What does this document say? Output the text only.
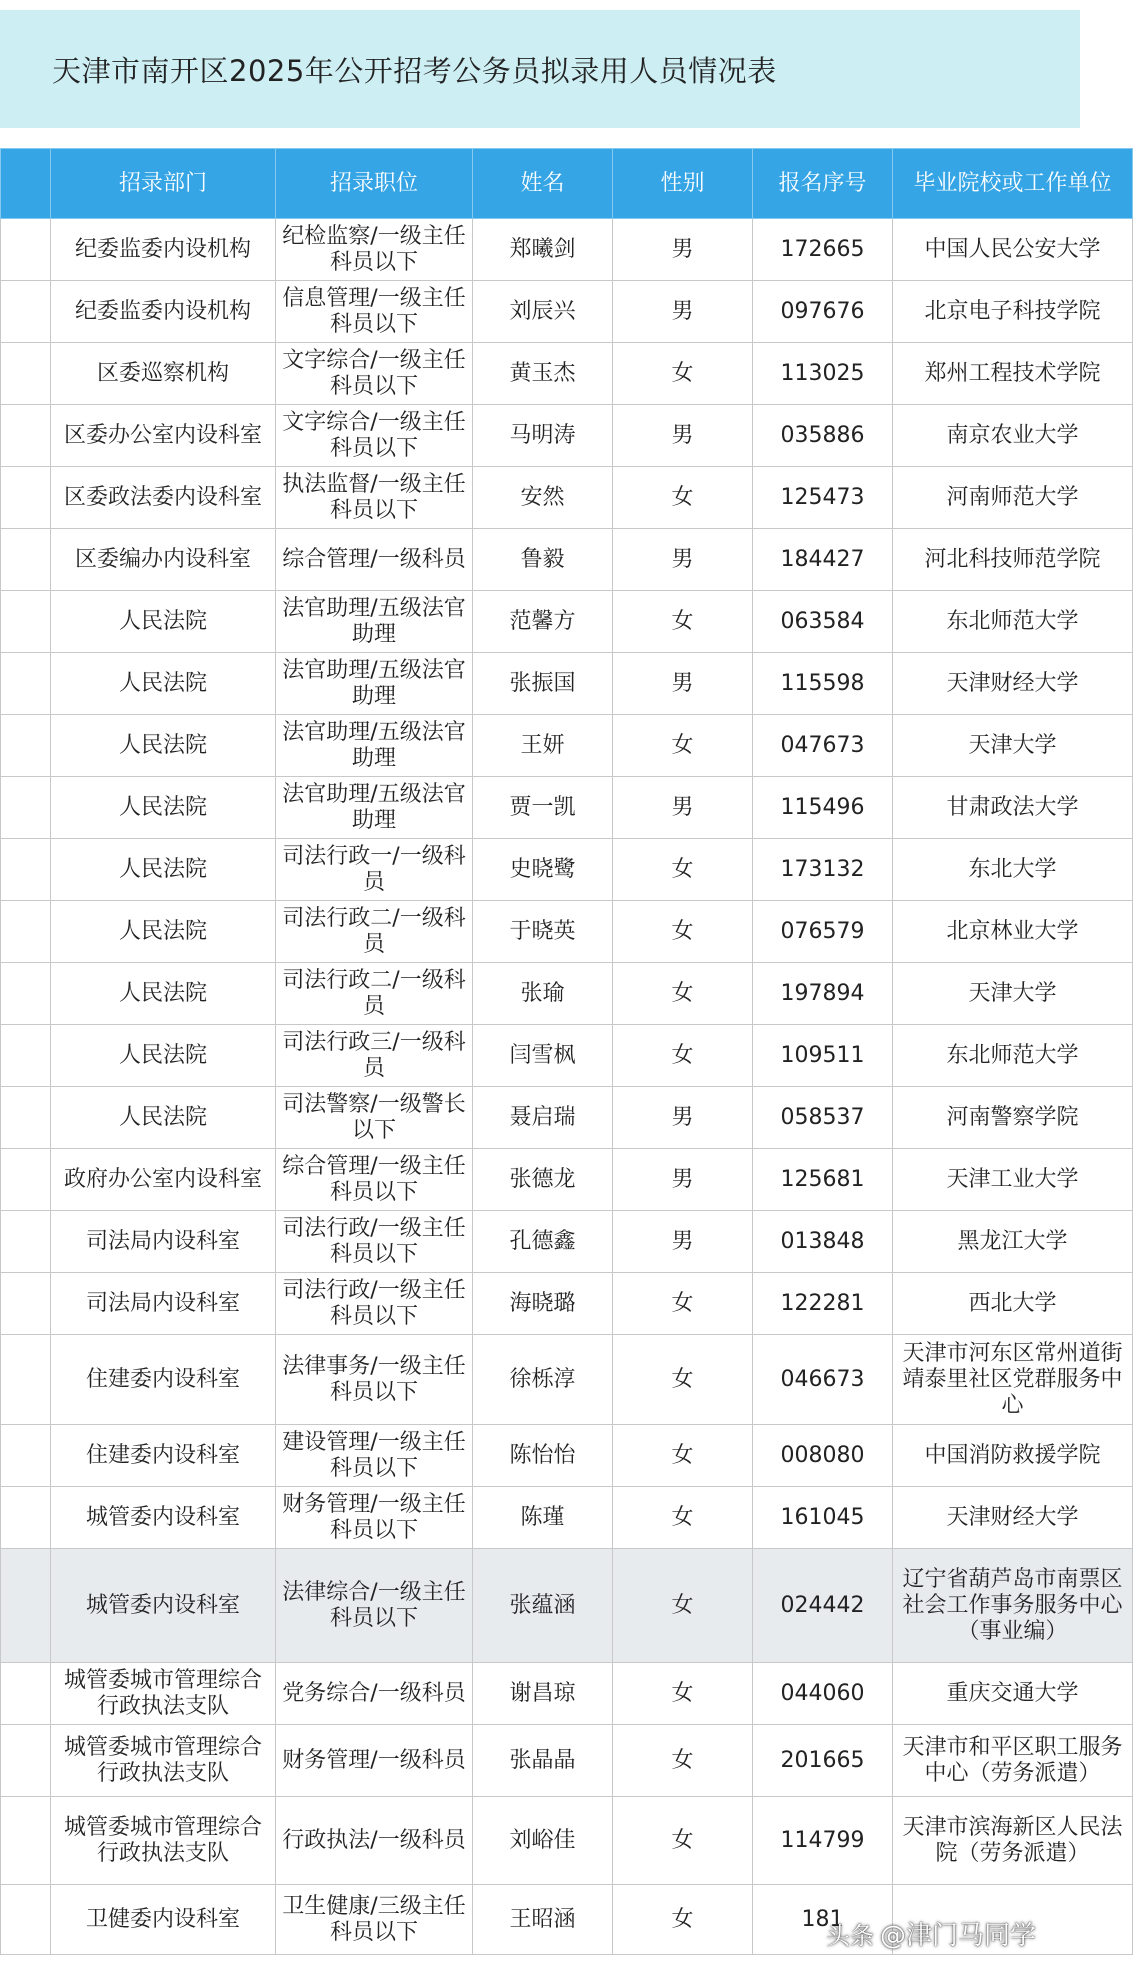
天津市南开区2025年公开招考公务员拟录用人员情况表
	招录部门	招录职位	姓名	性别	报名序号	毕业院校或工作单位
	纪委监委内设机构	纪检监察/一级主任科员以下	郑曦剑	男	172665	中国人民公安大学
	纪委监委内设机构	信息管理/一级主任科员以下	刘辰兴	男	097676	北京电子科技学院
	区委巡察机构	文字综合/一级主任科员以下	黄玉杰	女	113025	郑州工程技术学院
	区委办公室内设科室	文字综合/一级主任科员以下	马明涛	男	035886	南京农业大学
	区委政法委内设科室	执法监督/一级主任科员以下	安然	女	125473	河南师范大学
	区委编办内设科室	综合管理/一级科员	鲁毅	男	184427	河北科技师范学院
	人民法院	法官助理/五级法官助理	范馨方	女	063584	东北师范大学
	人民法院	法官助理/五级法官助理	张振国	男	115598	天津财经大学
	人民法院	法官助理/五级法官助理	王妍	女	047673	天津大学
	人民法院	法官助理/五级法官助理	贾一凯	男	115496	甘肃政法大学
	人民法院	司法行政一/一级科员	史晓鹭	女	173132	东北大学
	人民法院	司法行政二/一级科员	于晓英	女	076579	北京林业大学
	人民法院	司法行政二/一级科员	张瑜	女	197894	天津大学
	人民法院	司法行政三/一级科员	闫雪枫	女	109511	东北师范大学
	人民法院	司法警察/一级警长以下	聂启瑞	男	058537	河南警察学院
	政府办公室内设科室	综合管理/一级主任科员以下	张德龙	男	125681	天津工业大学
	司法局内设科室	司法行政/一级主任科员以下	孔德鑫	男	013848	黑龙江大学
	司法局内设科室	司法行政/一级主任科员以下	海晓璐	女	122281	西北大学
	住建委内设科室	法律事务/一级主任科员以下	徐栎淳	女	046673	天津市河东区常州道街靖泰里社区党群服务中心
	住建委内设科室	建设管理/一级主任科员以下	陈怡怡	女	008080	中国消防救援学院
	城管委内设科室	财务管理/一级主任科员以下	陈瑾	女	161045	天津财经大学
	城管委内设科室	法律综合/一级主任科员以下	张蕴涵	女	024442	辽宁省葫芦岛市南票区社会工作事务服务中心（事业编）
	城管委城市管理综合行政执法支队	党务综合/一级科员	谢昌琼	女	044060	重庆交通大学
	城管委城市管理综合行政执法支队	财务管理/一级科员	张晶晶	女	201665	天津市和平区职工服务中心（劳务派遣）
	城管委城市管理综合行政执法支队	行政执法/一级科员	刘峪佳	女	114799	天津市滨海新区人民法院（劳务派遣）
	卫健委内设科室	卫生健康/三级主任科员以下	王昭涵	女	181	
头条 @津门马同学
